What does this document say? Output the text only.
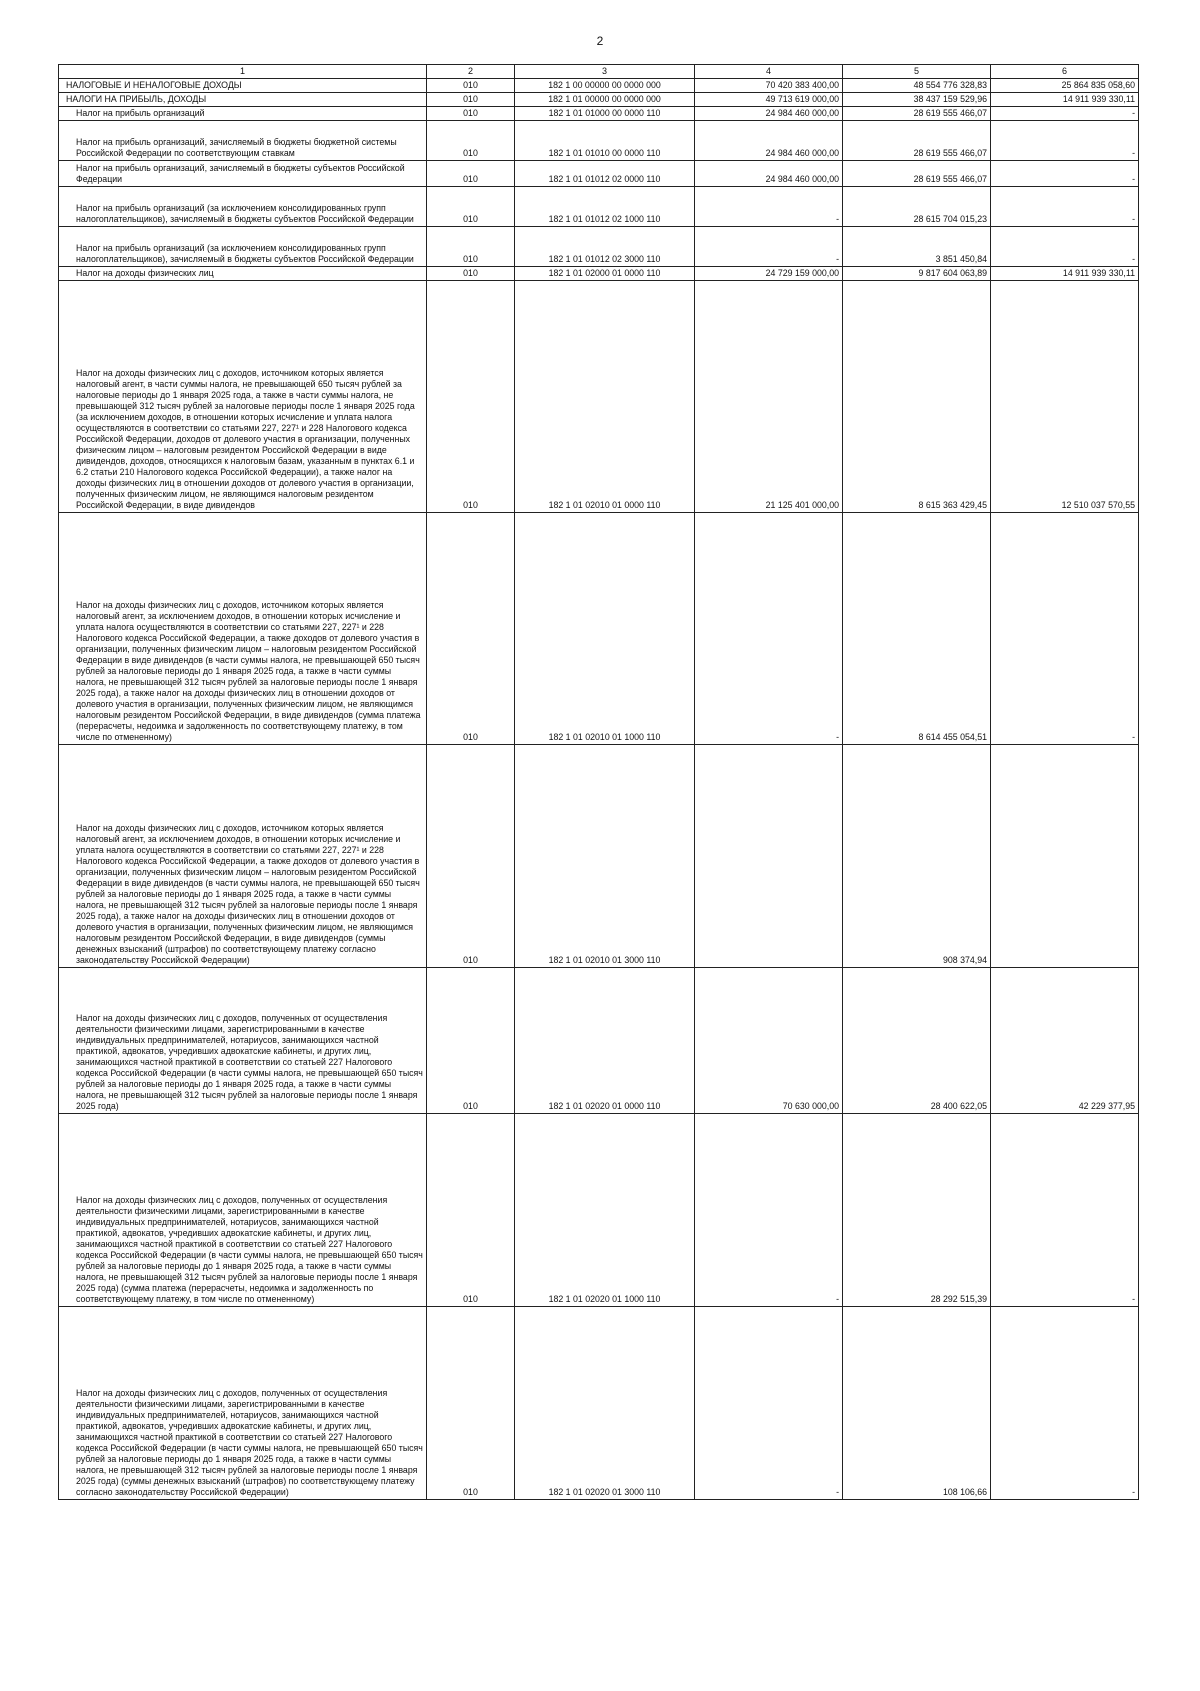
2
1	2	3	4	5	6

НАЛОГОВЫЕ И НЕНАЛОГОВЫЕ ДОХОДЫ	010	182 1 00 00000 00 0000 000	70 420 383 400,00	48 554 776 328,83	25 864 835 058,60

НАЛОГИ НА ПРИБЫЛЬ, ДОХОДЫ	010	182 1 01 00000 00 0000 000	49 713 619 000,00	38 437 159 529,96	14 911 939 330,11

Налог на прибыль организаций	010	182 1 01 01000 00 0000 110	24 984 460 000,00	28 619 555 466,07	-

Налог на прибыль организаций, зачисляемый в бюджеты бюджетной системы Российской Федерации по соответствующим ставкам	010	182 1 01 01010 00 0000 110	24 984 460 000,00	28 619 555 466,07	-

Налог на прибыль организаций, зачисляемый в бюджеты субъектов Российской Федерации	010	182 1 01 01012 02 0000 110	24 984 460 000,00	28 619 555 466,07	-

Налог на прибыль организаций (за исключением консолидированных групп налогоплательщиков), зачисляемый в бюджеты субъектов Российской Федерации	010	182 1 01 01012 02 1000 110	-	28 615 704 015,23	-

Налог на прибыль организаций (за исключением консолидированных групп налогоплательщиков), зачисляемый в бюджеты субъектов Российской Федерации	010	182 1 01 01012 02 3000 110	-	3 851 450,84	-

Налог на доходы физических лиц	010	182 1 01 02000 01 0000 110	24 729 159 000,00	9 817 604 063,89	14 911 939 330,11

Налог на доходы физических лиц с доходов, источником которых является налоговый агент, в части суммы налога, не превышающей 650 тысяч рублей за налоговые периоды до 1 января 2025 года, а также в части суммы налога, не превышающей 312 тысяч рублей за налоговые периоды после 1 января 2025 года (за исключением доходов, в отношении которых исчисление и уплата налога осуществляются в соответствии со статьями 227, 227¹ и 228 Налогового кодекса Российской Федерации, доходов от долевого участия в организации, полученных физическим лицом – налоговым резидентом Российской Федерации в виде дивидендов, доходов, относящихся к налоговым базам, указанным в пунктах 6.1 и 6.2 статьи 210 Налогового кодекса Российской Федерации), а также налог на доходы физических лиц в отношении доходов от долевого участия в организации, полученных физическим лицом, не являющимся налоговым резидентом Российской Федерации, в виде дивидендов	010	182 1 01 02010 01 0000 110	21 125 401 000,00	8 615 363 429,45	12 510 037 570,55

Налог на доходы физических лиц с доходов, источником которых является налоговый агент, за исключением доходов, в отношении которых исчисление и уплата налога осуществляются в соответствии со статьями 227, 227¹ и 228 Налогового кодекса Российской Федерации, а также доходов от долевого участия в организации, полученных физическим лицом – налоговым резидентом Российской Федерации в виде дивидендов (в части суммы налога, не превышающей 650 тысяч рублей за налоговые периоды до 1 января 2025 года, а также в части суммы налога, не превышающей 312 тысяч рублей за налоговые периоды после 1 января 2025 года), а также налог на доходы физических лиц в отношении доходов от долевого участия в организации, полученных физическим лицом, не являющимся налоговым резидентом Российской Федерации, в виде дивидендов (сумма платежа (перерасчеты, недоимка и задолженность по соответствующему платежу, в том числе по отмененному)	010	182 1 01 02010 01 1000 110	-	8 614 455 054,51	-

Налог на доходы физических лиц с доходов, источником которых является налоговый агент, за исключением доходов, в отношении которых исчисление и уплата налога осуществляются в соответствии со статьями 227, 227¹ и 228 Налогового кодекса Российской Федерации, а также доходов от долевого участия в организации, полученных физическим лицом – налоговым резидентом Российской Федерации в виде дивидендов (в части суммы налога, не превышающей 650 тысяч рублей за налоговые периоды до 1 января 2025 года, а также в части суммы налога, не превышающей 312 тысяч рублей за налоговые периоды после 1 января 2025 года), а также налог на доходы физических лиц в отношении доходов от долевого участия в организации, полученных физическим лицом, не являющимся налоговым резидентом Российской Федерации, в виде дивидендов (суммы денежных взысканий (штрафов) по соответствующему платежу согласно законодательству Российской Федерации)	010	182 1 01 02010 01 3000 110		908 374,94	

Налог на доходы физических лиц с доходов, полученных от осуществления деятельности физическими лицами, зарегистрированными в качестве индивидуальных предпринимателей, нотариусов, занимающихся частной практикой, адвокатов, учредивших адвокатские кабинеты, и других лиц, занимающихся частной практикой в соответствии со статьей 227 Налогового кодекса Российской Федерации (в части суммы налога, не превышающей 650 тысяч рублей за налоговые периоды до 1 января 2025 года, а также в части суммы налога, не превышающей 312 тысяч рублей за налоговые периоды после 1 января 2025 года)	010	182 1 01 02020 01 0000 110	70 630 000,00	28 400 622,05	42 229 377,95

Налог на доходы физических лиц с доходов, полученных от осуществления деятельности физическими лицами, зарегистрированными в качестве индивидуальных предпринимателей, нотариусов, занимающихся частной практикой, адвокатов, учредивших адвокатские кабинеты, и других лиц, занимающихся частной практикой в соответствии со статьей 227 Налогового кодекса Российской Федерации (в части суммы налога, не превышающей 650 тысяч рублей за налоговые периоды до 1 января 2025 года, а также в части суммы налога, не превышающей 312 тысяч рублей за налоговые периоды после 1 января 2025 года) (сумма платежа (перерасчеты, недоимка и задолженность по соответствующему платежу, в том числе по отмененному)	010	182 1 01 02020 01 1000 110	-	28 292 515,39	-

Налог на доходы физических лиц с доходов, полученных от осуществления деятельности физическими лицами, зарегистрированными в качестве индивидуальных предпринимателей, нотариусов, занимающихся частной практикой, адвокатов, учредивших адвокатские кабинеты, и других лиц, занимающихся частной практикой в соответствии со статьей 227 Налогового кодекса Российской Федерации (в части суммы налога, не превышающей 650 тысяч рублей за налоговые периоды до 1 января 2025 года, а также в части суммы налога, не превышающей 312 тысяч рублей за налоговые периоды после 1 января 2025 года) (суммы денежных взысканий (штрафов) по соответствующему платежу согласно законодательству Российской Федерации)	010	182 1 01 02020 01 3000 110	-	108 106,66	-
